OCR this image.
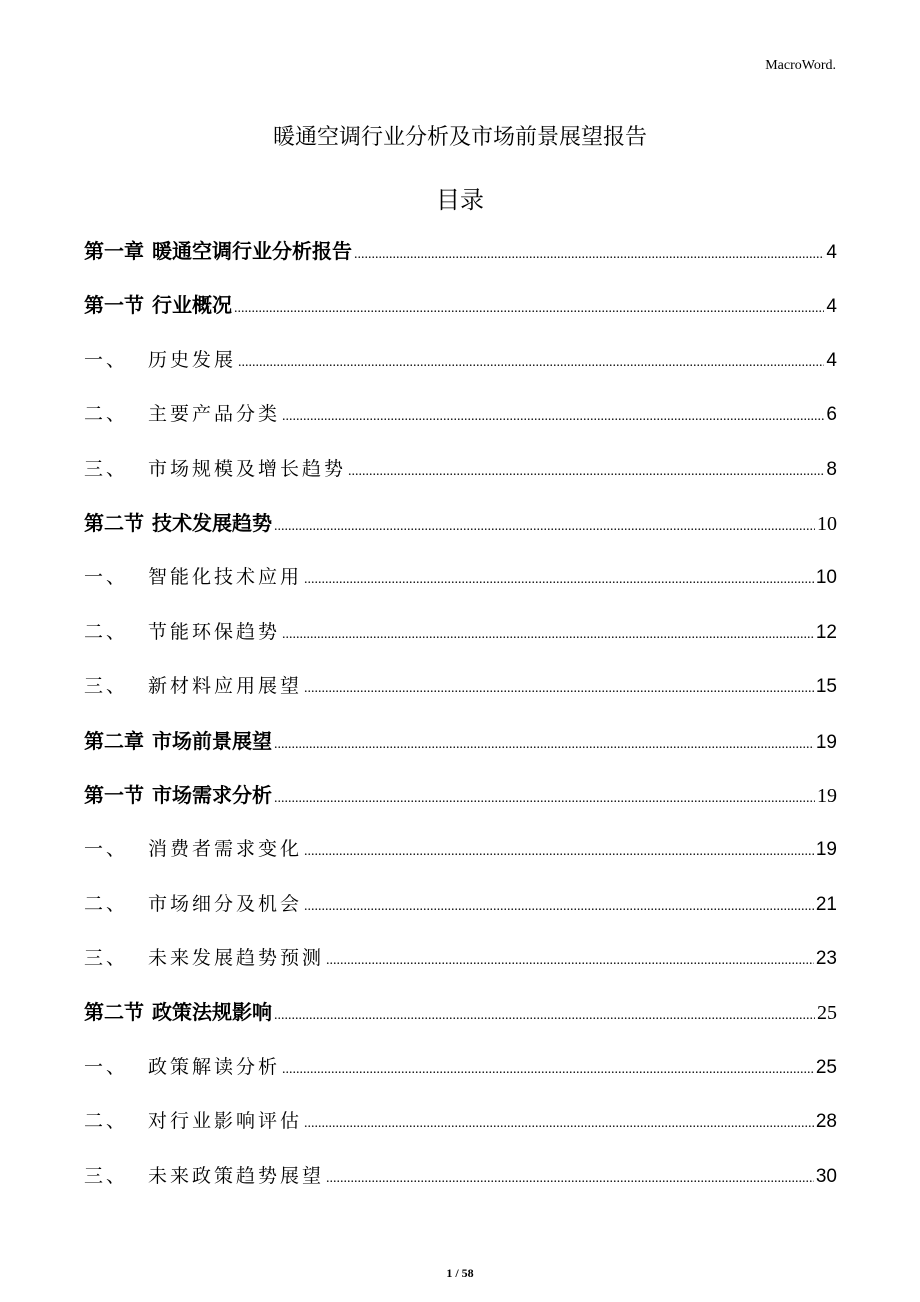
MacroWord.
暖通空调行业分析及市场前景展望报告
目录
第一章 暖通空调行业分析报告 .....	4
第一节 行业概况 .....	4
一、 历史发展 .....	4
二、 主要产品分类 .....	6
三、 市场规模及增长趋势 .....	8
第二节 技术发展趋势 .....	10
一、 智能化技术应用 .....	10
二、 节能环保趋势 .....	12
三、 新材料应用展望 .....	15
第二章 市场前景展望 .....	19
第一节 市场需求分析 .....	19
一、 消费者需求变化 .....	19
二、 市场细分及机会 .....	21
三、 未来发展趋势预测 .....	23
第二节 政策法规影响 .....	25
一、 政策解读分析 .....	25
二、 对行业影响评估 .....	28
三、 未来政策趋势展望 .....	30
1 / 58
